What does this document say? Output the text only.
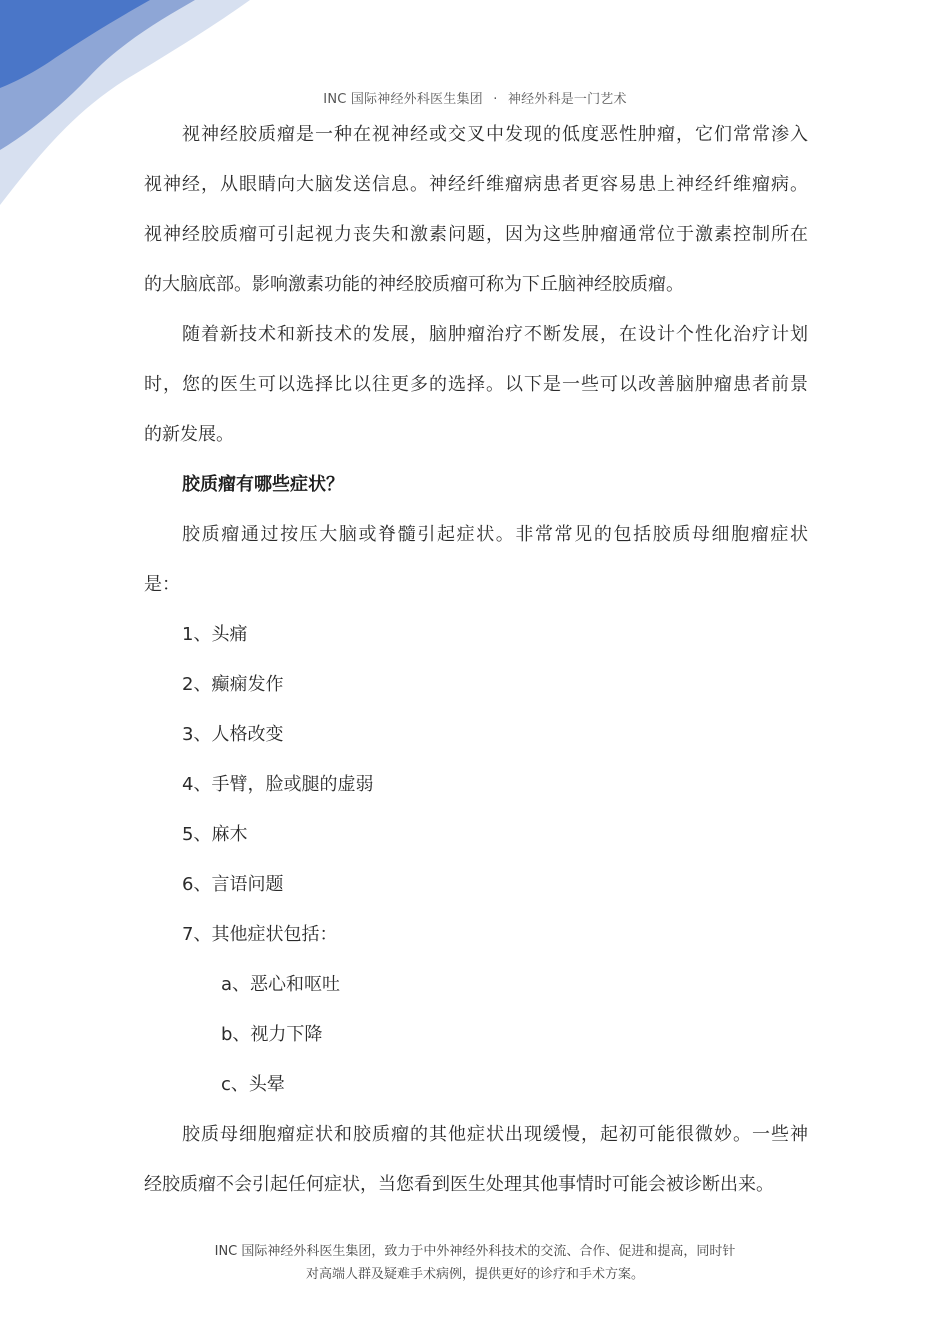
INC 国际神经外科医生集团 · 神经外科是一门艺术
视神经胶质瘤是一种在视神经或交叉中发现的低度恶性肿瘤，它们常常渗入
视神经，从眼睛向大脑发送信息。神经纤维瘤病患者更容易患上神经纤维瘤病。
视神经胶质瘤可引起视力丧失和激素问题，因为这些肿瘤通常位于激素控制所在
的大脑底部。影响激素功能的神经胶质瘤可称为下丘脑神经胶质瘤。
随着新技术和新技术的发展，脑肿瘤治疗不断发展，在设计个性化治疗计划
时，您的医生可以选择比以往更多的选择。以下是一些可以改善脑肿瘤患者前景
的新发展。
胶质瘤有哪些症状？
胶质瘤通过按压大脑或脊髓引起症状。非常常见的包括胶质母细胞瘤症状
是：
1、头痛
2、癫痫发作
3、人格改变
4、手臂，脸或腿的虚弱
5、麻木
6、言语问题
7、其他症状包括：
a、恶心和呕吐
b、视力下降
c、头晕
胶质母细胞瘤症状和胶质瘤的其他症状出现缓慢，起初可能很微妙。一些神
经胶质瘤不会引起任何症状，当您看到医生处理其他事情时可能会被诊断出来。
INC 国际神经外科医生集团，致力于中外神经外科技术的交流、合作、促进和提高，同时针
对高端人群及疑难手术病例，提供更好的诊疗和手术方案。
